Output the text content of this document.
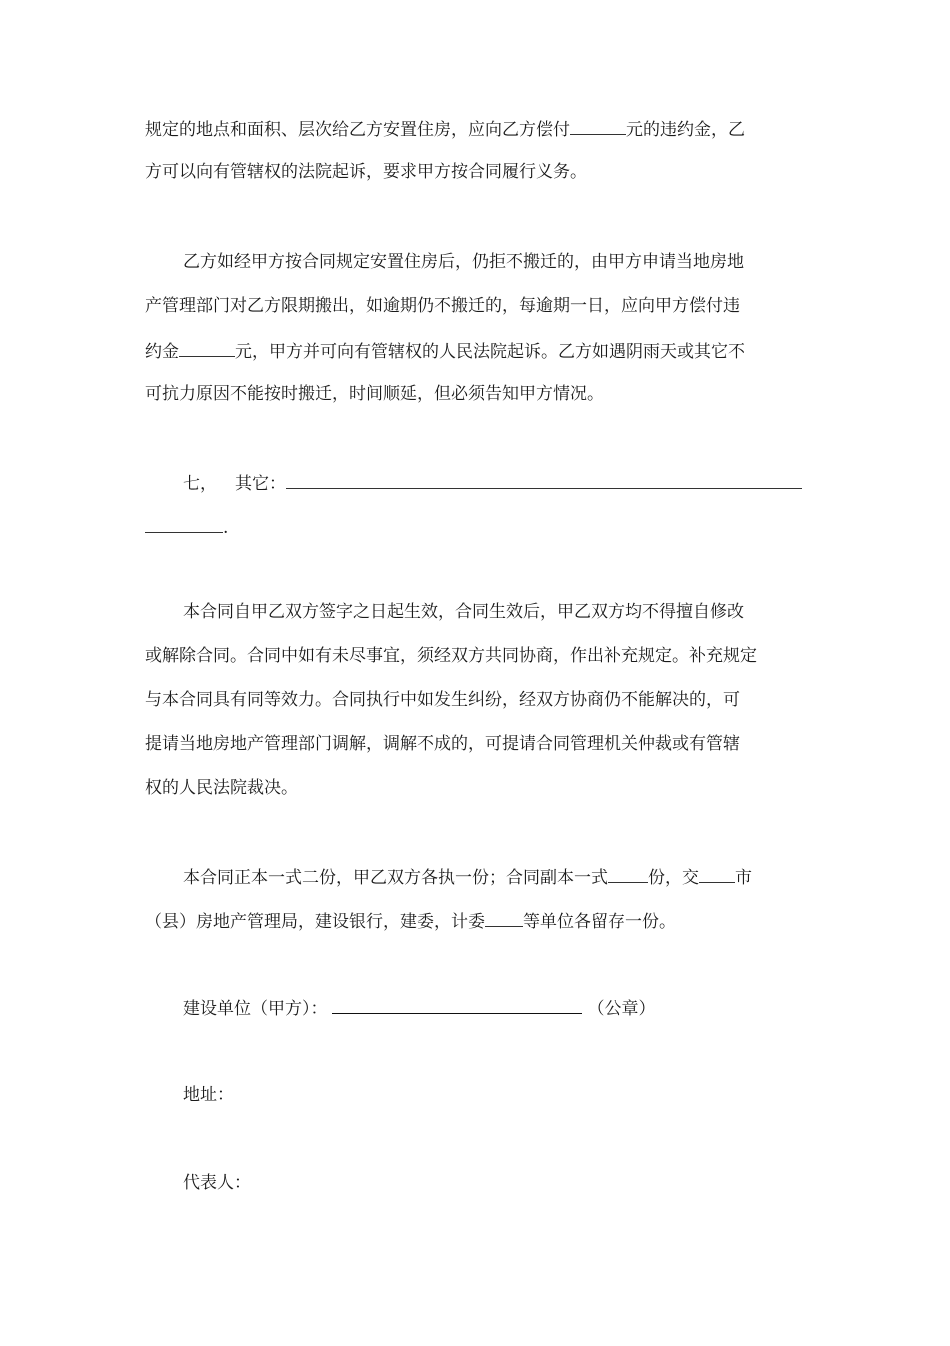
规定的地点和面积、层次给乙方安置住房，应向乙方偿付	元的违约金，乙
方可以向有管辖权的法院起诉，要求甲方按合同履行义务。
乙方如经甲方按合同规定安置住房后，仍拒不搬迁的，由甲方申请当地房地
产管理部门对乙方限期搬出，如逾期仍不搬迁的，每逾期一日，应向甲方偿付违
约金	元，甲方并可向有管辖权的人民法院起诉。乙方如遇阴雨天或其它不
可抗力原因不能按时搬迁，时间顺延，但必须告知甲方情况。
七， 其它：
.
本合同自甲乙双方签字之日起生效，合同生效后，甲乙双方均不得擅自修改
或解除合同。合同中如有未尽事宜，须经双方共同协商，作出补充规定。补充规定
与本合同具有同等效力。合同执行中如发生纠纷，经双方协商仍不能解决的，可
提请当地房地产管理部门调解，调解不成的，可提请合同管理机关仲裁或有管辖
权的人民法院裁决。
本合同正本一式二份，甲乙双方各执一份；合同副本一式 份，交 市
（县）房地产管理局，建设银行，建委，计委 等单位各留存一份。
建设单位（甲方）：	（公章）
地址：
代表人：
